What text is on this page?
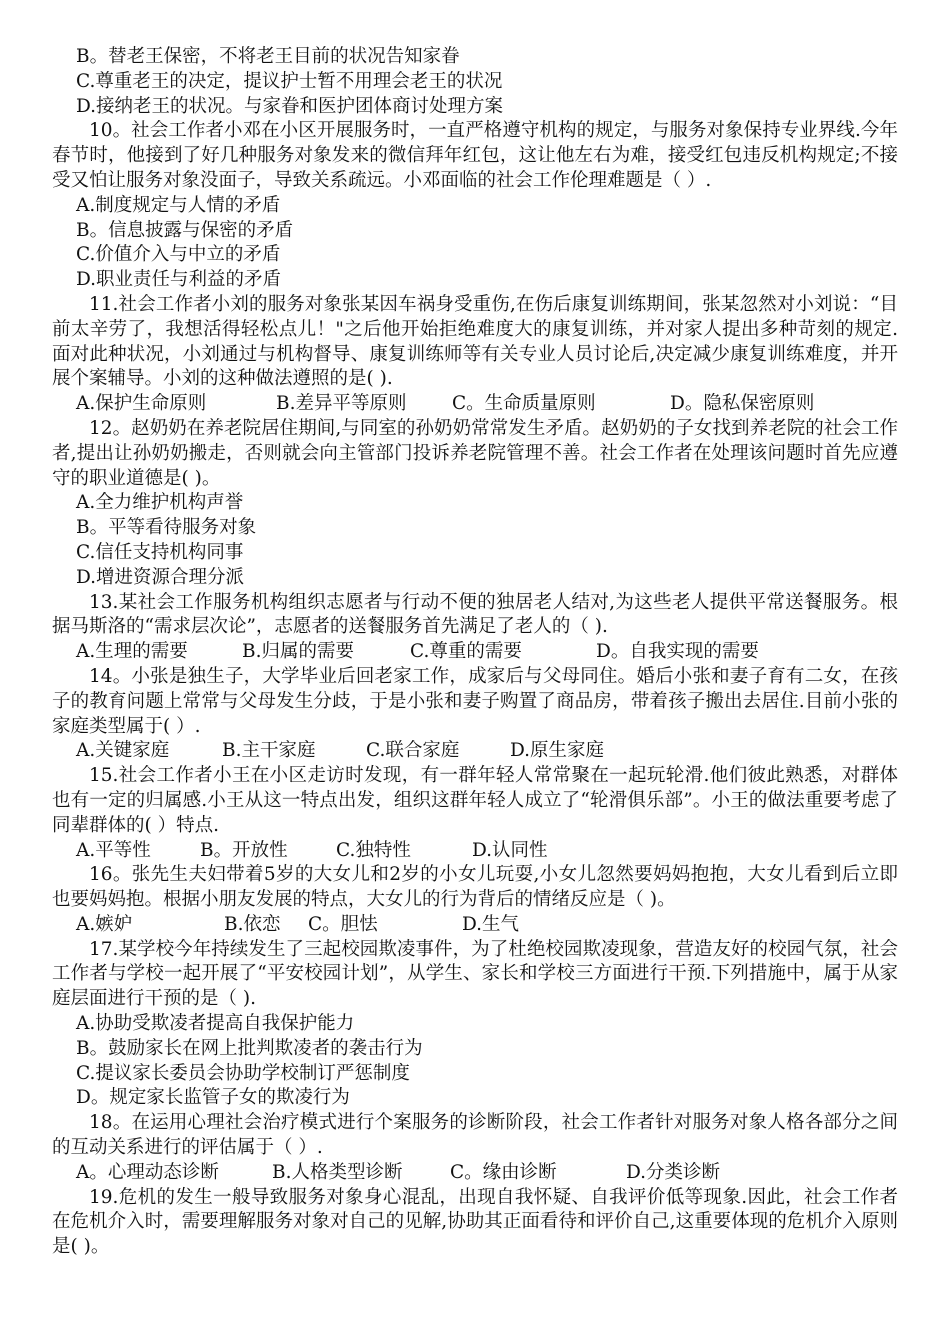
B。替老王保密，不将老王目前的状况告知家眷

C.尊重老王的决定，提议护士暂不用理会老王的状况

D.接纳老王的状况。与家眷和医护团体商讨处理方案

10。社会工作者小邓在小区开展服务时，一直严格遵守机构的规定，与服务对象保持专业界线.今年春节时，他接到了好几种服务对象发来的微信拜年红包，这让他左右为难，接受红包违反机构规定;不接受又怕让服务对象没面子，导致关系疏远。小邓面临的社会工作伦理难题是（ ）.

A.制度规定与人情的矛盾

B。信息披露与保密的矛盾

C.价值介入与中立的矛盾

D.职业责任与利益的矛盾

11.社会工作者小刘的服务对象张某因车祸身受重伤,在伤后康复训练期间，张某忽然对小刘说：“目前太辛劳了，我想活得轻松点儿！"之后他开始拒绝难度大的康复训练，并对家人提出多种苛刻的规定.面对此种状况，小刘通过与机构督导、康复训练师等有关专业人员讨论后,决定减少康复训练难度，并开展个案辅导。小刘的这种做法遵照的是( ).

A.保护生命原则	B.差异平等原则	C。生命质量原则	D。隐私保密原则

12。赵奶奶在养老院居住期间,与同室的孙奶奶常常发生矛盾。赵奶奶的子女找到养老院的社会工作者,提出让孙奶奶搬走，否则就会向主管部门投诉养老院管理不善。社会工作者在处理该问题时首先应遵守的职业道德是( )。

A.全力维护机构声誉

B。平等看待服务对象

C.信任支持机构同事

D.增进资源合理分派

13.某社会工作服务机构组织志愿者与行动不便的独居老人结对,为这些老人提供平常送餐服务。根据马斯洛的“需求层次论”，志愿者的送餐服务首先满足了老人的（ ).

A.生理的需要	B.归属的需要	C.尊重的需要	D。自我实现的需要

14。小张是独生子，大学毕业后回老家工作，成家后与父母同住。婚后小张和妻子育有二女，在孩子的教育问题上常常与父母发生分歧，于是小张和妻子购置了商品房，带着孩子搬出去居住.目前小张的家庭类型属于( ）.

A.关键家庭	B.主干家庭	C.联合家庭	D.原生家庭

15.社会工作者小王在小区走访时发现，有一群年轻人常常聚在一起玩轮滑.他们彼此熟悉，对群体也有一定的归属感.小王从这一特点出发，组织这群年轻人成立了“轮滑俱乐部”。小王的做法重要考虑了同辈群体的( ）特点.

A.平等性	B。开放性	C.独特性	D.认同性

16。张先生夫妇带着5岁的大女儿和2岁的小女儿玩耍,小女儿忽然要妈妈抱抱，大女儿看到后立即也要妈妈抱。根据小朋友发展的特点，大女儿的行为背后的情绪反应是（ )。

A.嫉妒	B.依恋	C。胆怯	D.生气

17.某学校今年持续发生了三起校园欺凌事件，为了杜绝校园欺凌现象，营造友好的校园气氛，社会工作者与学校一起开展了“平安校园计划”，从学生、家长和学校三方面进行干预.下列措施中，属于从家庭层面进行干预的是（ ).

A.协助受欺凌者提高自我保护能力

B。鼓励家长在网上批判欺凌者的袭击行为

C.提议家长委员会协助学校制订严惩制度

D。规定家长监管子女的欺凌行为

18。在运用心理社会治疗模式进行个案服务的诊断阶段，社会工作者针对服务对象人格各部分之间的互动关系进行的评估属于（ ）.

A。心理动态诊断	B.人格类型诊断	C。缘由诊断	D.分类诊断

19.危机的发生一般导致服务对象身心混乱，出现自我怀疑、自我评价低等现象.因此，社会工作者在危机介入时，需要理解服务对象对自己的见解,协助其正面看待和评价自己,这重要体现的危机介入原则是( )。
